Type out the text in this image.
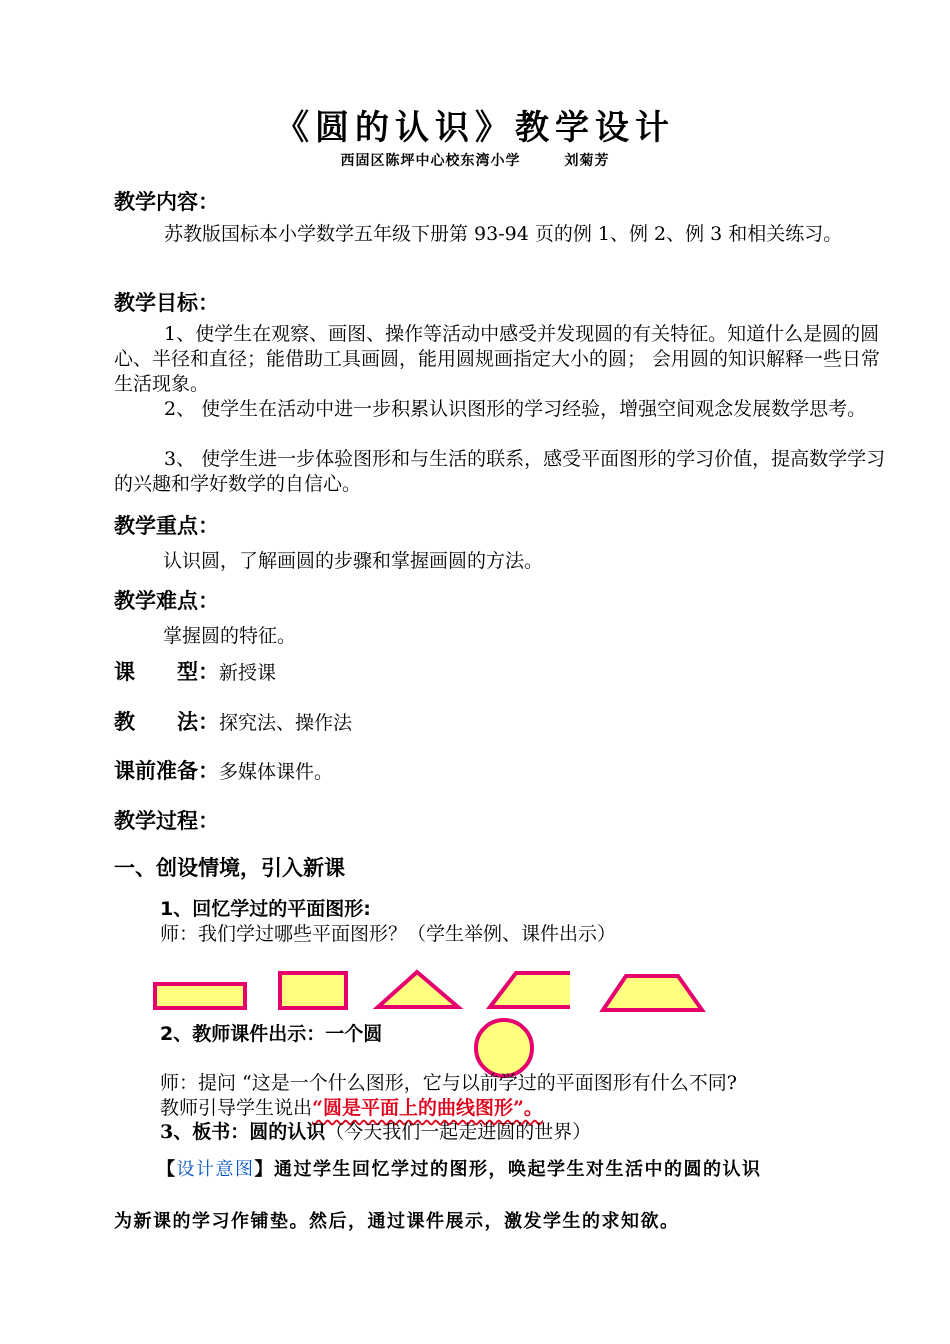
《圆的认识》教学设计
西固区陈坪中心校东湾小学	刘菊芳
教学内容：
苏教版国标本小学数学五年级下册第 93-94 页的例 1、例 2、例 3 和相关练习。
教学目标：
1、使学生在观察、画图、操作等活动中感受并发现圆的有关特征。知道什么是圆的圆心、半径和直径；能借助工具画圆，能用圆规画指定大小的圆； 会用圆的知识解释一些日常生活现象。
2、 使学生在活动中进一步积累认识图形的学习经验，增强空间观念发展数学思考。
3、 使学生进一步体验图形和与生活的联系，感受平面图形的学习价值，提高数学学习的兴趣和学好数学的自信心。
教学重点：
认识圆，了解画圆的步骤和掌握画圆的方法。
教学难点：
掌握圆的特征。
课　　型：新授课
教　　法：探究法、操作法
课前准备：多媒体课件。
教学过程：
一、创设情境，引入新课
1、回忆学过的平面图形:
师：我们学过哪些平面图形？（学生举例、课件出示）
2、教师课件出示：一个圆
师：提问 “这是一个什么图形，它与以前学过的平面图形有什么不同?
教师引导学生说出“圆是平面上的曲线图形”。
3、板书：圆的认识（今天我们一起走进圆的世界）
【设计意图】通过学生回忆学过的图形，唤起学生对生活中的圆的认识
为新课的学习作铺垫。然后，通过课件展示，激发学生的求知欲。
